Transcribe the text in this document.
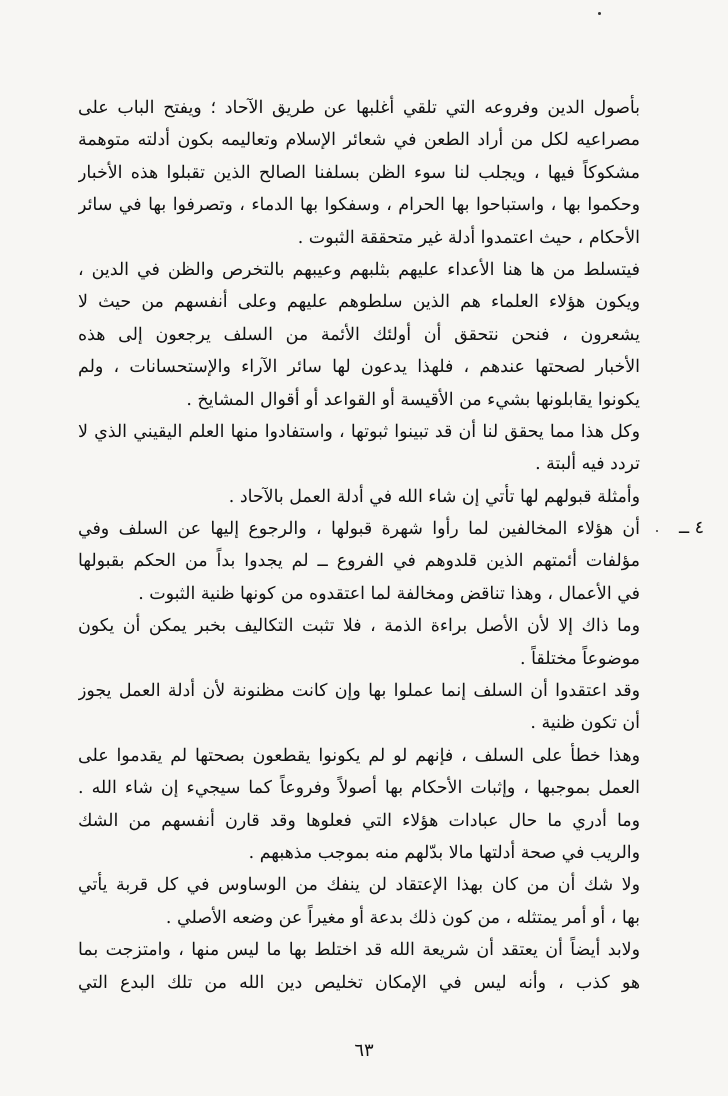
٤ ــ
بأصول الدين وفروعه التي تلقي أغلبها عن طريق الآحاد ؛ ويفتح الباب على
مصراعيه لكل من أراد الطعن في شعائر الإسلام وتعاليمه بكون أدلته متوهمة
مشكوكاً فيها ، ويجلب لنا سوء الظن بسلفنا الصالح الذين تقبلوا هذه الأخبار
وحكموا بها ، واستباحوا بها الحرام ، وسفكوا بها الدماء ، وتصرفوا بها في سائر
الأحكام ، حيث اعتمدوا أدلة غير متحققة الثبوت .
فيتسلط من ها هنا الأعداء عليهم بثلبهم وعيبهم بالتخرص والظن في الدين ،
ويكون هؤلاء العلماء هم الذين سلطوهم عليهم وعلى أنفسهم من حيث لا
يشعرون ، فنحن نتحقق أن أولئك الأئمة من السلف يرجعون إلى هذه
الأخبار لصحتها عندهم ، فلهذا يدعون لها سائر الآراء والإستحسانات ، ولم
يكونوا يقابلونها بشيء من الأقيسة أو القواعد أو أقوال المشايخ .
وكل هذا مما يحقق لنا أن قد تبينوا ثبوتها ، واستفادوا منها العلم اليقيني الذي لا
تردد فيه ألبتة .
وأمثلة قبولهم لها تأتي إن شاء الله في أدلة العمل بالآحاد .
أن هؤلاء المخالفين لما رأوا شهرة قبولها ، والرجوع إليها عن السلف وفي
مؤلفات أئمتهم الذين قلدوهم في الفروع ــ لم يجدوا بداً من الحكم بقبولها
في الأعمال ، وهذا تناقض ومخالفة لما اعتقدوه من كونها ظنية الثبوت .
وما ذاك إلا لأن الأصل براءة الذمة ، فلا تثبت التكاليف بخبر يمكن أن يكون
موضوعاً مختلقاً .
وقد اعتقدوا أن السلف إنما عملوا بها وإن كانت مظنونة لأن أدلة العمل يجوز
أن تكون ظنية .
وهذا خطأ على السلف ، فإنهم لو لم يكونوا يقطعون بصحتها لم يقدموا على
العمل بموجبها ، وإثبات الأحكام بها أصولاً وفروعاً كما سيجيء إن شاء الله .
وما أدري ما حال عبادات هؤلاء التي فعلوها وقد قارن أنفسهم من الشك
والريب في صحة أدلتها مالا بدّلهم منه بموجب مذهبهم .
ولا شك أن من كان بهذا الإعتقاد لن ينفك من الوساوس في كل قربة يأتي
بها ، أو أمر يمتثله ، من كون ذلك بدعة أو مغيراً عن وضعه الأصلي .
ولابد أيضاً أن يعتقد أن شريعة الله قد اختلط بها ما ليس منها ، وامتزجت بما
هو كذب ، وأنه ليس في الإمكان تخليص دين الله من تلك البدع التي
٦٣
